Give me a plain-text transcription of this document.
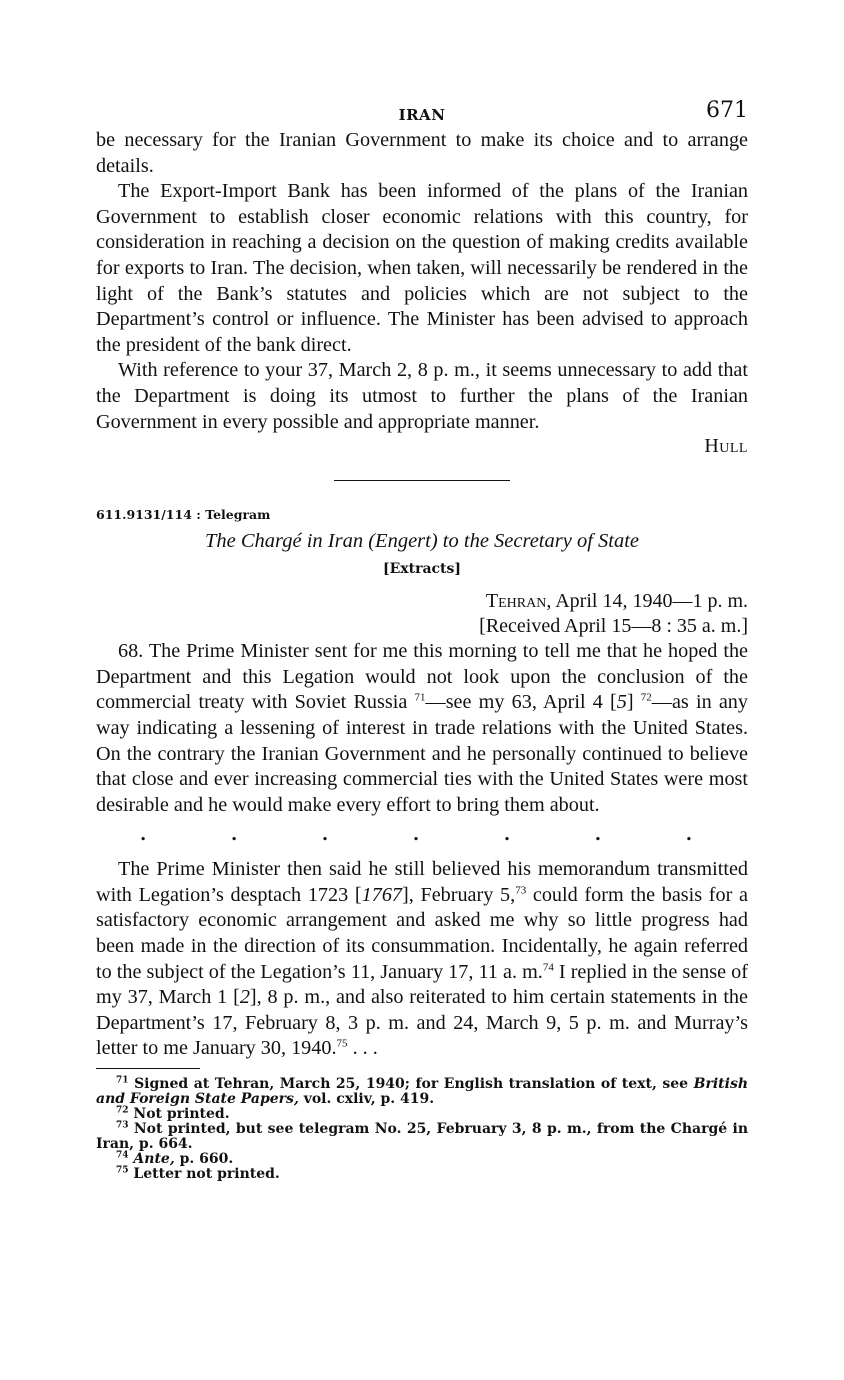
IRAN	671

be necessary for the Iranian Government to make its choice and to arrange details.

The Export-Import Bank has been informed of the plans of the Iranian Government to establish closer economic relations with this country, for consideration in reaching a decision on the question of making credits available for exports to Iran. The decision, when taken, will necessarily be rendered in the light of the Bank’s statutes and policies which are not subject to the Department’s control or influence. The Minister has been advised to approach the president of the bank direct.

With reference to your 37, March 2, 8 p. m., it seems unnecessary to add that the Department is doing its utmost to further the plans of the Iranian Government in every possible and appropriate manner.

Hull
611.9131/114 : Telegram
The Chargé in Iran (Engert) to the Secretary of State
[Extracts]
Tehran, April 14, 1940—1 p. m.
[Received April 15—8 : 35 a. m.]

68. The Prime Minister sent for me this morning to tell me that he hoped the Department and this Legation would not look upon the conclusion of the commercial treaty with Soviet Russia $^{71}$—see my 63, April 4 [5] $^{72}$—as in any way indicating a lessening of interest in trade relations with the United States. On the contrary the Iranian Government and he personally continued to believe that close and ever increasing commercial ties with the United States were most desirable and he would make every effort to bring them about.

.	.	.	.	.	.	.

The Prime Minister then said he still believed his memorandum transmitted with Legation’s desptach 1723 [1767], February 5,73 could form the basis for a satisfactory economic arrangement and asked me why so little progress had been made in the direction of its consummation. Incidentally, he again referred to the subject of the Legation’s 11, January 17, 11 a. m.$^{74}$ I replied in the sense of my 37, March 1 [2], 8 p. m., and also reiterated to him certain statements in the Department’s 17, February 8, 3 p. m. and 24, March 9, 5 p. m. and Murray’s letter to me January 30, 1940.75 . . .

$^{71}$ Signed at Tehran, March 25, 1940; for English translation of text, see British and Foreign State Papers, vol. cxliv, p. 419.
$^{72}$ Not printed.
$^{73}$ Not printed, but see telegram No. 25, February 3, 8 p. m., from the Chargé in Iran, p. 664.
$^{74}$ Ante, p. 660.
$^{75}$ Letter not printed.
